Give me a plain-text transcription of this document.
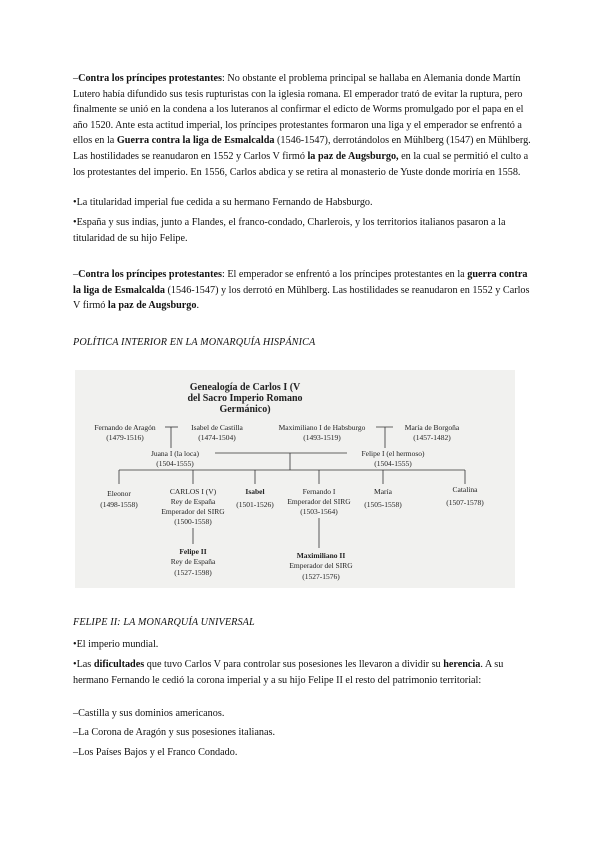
–Contra los príncipes protestantes: No obstante el problema principal se hallaba en Alemania donde Martín Lutero había difundido sus tesis rupturistas con la iglesia romana. El emperador trató de evitar la ruptura, pero finalmente se unió en la condena a los luteranos al confirmar el edicto de Worms promulgado por el papa en el año 1520. Ante esta actitud imperial, los príncipes protestantes formaron una liga y el emperador se enfrentó a ellos en la Guerra contra la liga de Esmalcalda (1546-1547), derrotándolos en Mühlberg (1547) en Mühlberg. Las hostilidades se reanudaron en 1552 y Carlos V firmó la paz de Augsburgo, en la cual se permitió el culto a los protestantes del imperio. En 1556, Carlos abdica y se retira al monasterio de Yuste donde moriría en 1558.

•La titularidad imperial fue cedida a su hermano Fernando de Habsburgo.

•España y sus indias, junto a Flandes, el franco-condado, Charlerois, y los territorios italianos pasaron a la titularidad de su hijo Felipe.

–Contra los príncipes protestantes: El emperador se enfrentó a los príncipes protestantes en la guerra contra la liga de Esmalcalda (1546-1547) y los derrotó en Mühlberg. Las hostilidades se reanudaron en 1552 y Carlos V firmó la paz de Augsburgo.

POLÍTICA INTERIOR EN LA MONARQUÍA HISPÁNICA

Genealogía de Carlos I (V
del Sacro Imperio Romano
Germánico)
Fernando de Aragón
(1479-1516)
Isabel de Castilla
(1474-1504)
Maximiliano I de Habsburgo
(1493-1519)
María de Borgoña
(1457-1482)
Juana I (la loca)
(1504-1555)
Felipe I (el hermoso)
(1504-1555)
Eleonor
(1498-1558)
CARLOS I (V)
Rey de España
Emperador del SIRG
(1500-1558)
Isabel
(1501-1526)
Fernando I
Emperador del SIRG
(1503-1564)
María
(1505-1558)
Catalina
(1507-1578)
Felipe II
Rey de España
(1527-1598)
Maximiliano II
Emperador del SIRG
(1527-1576)

FELIPE II: LA MONARQUÍA UNIVERSAL

•El imperio mundial.

•Las dificultades que tuvo Carlos V para controlar sus posesiones les llevaron a dividir su herencia. A su hermano Fernando le cedió la corona imperial y a su hijo Felipe II el resto del patrimonio territorial:

–Castilla y sus dominios americanos.

–La Corona de Aragón y sus posesiones italianas.

–Los Países Bajos y el Franco Condado.
